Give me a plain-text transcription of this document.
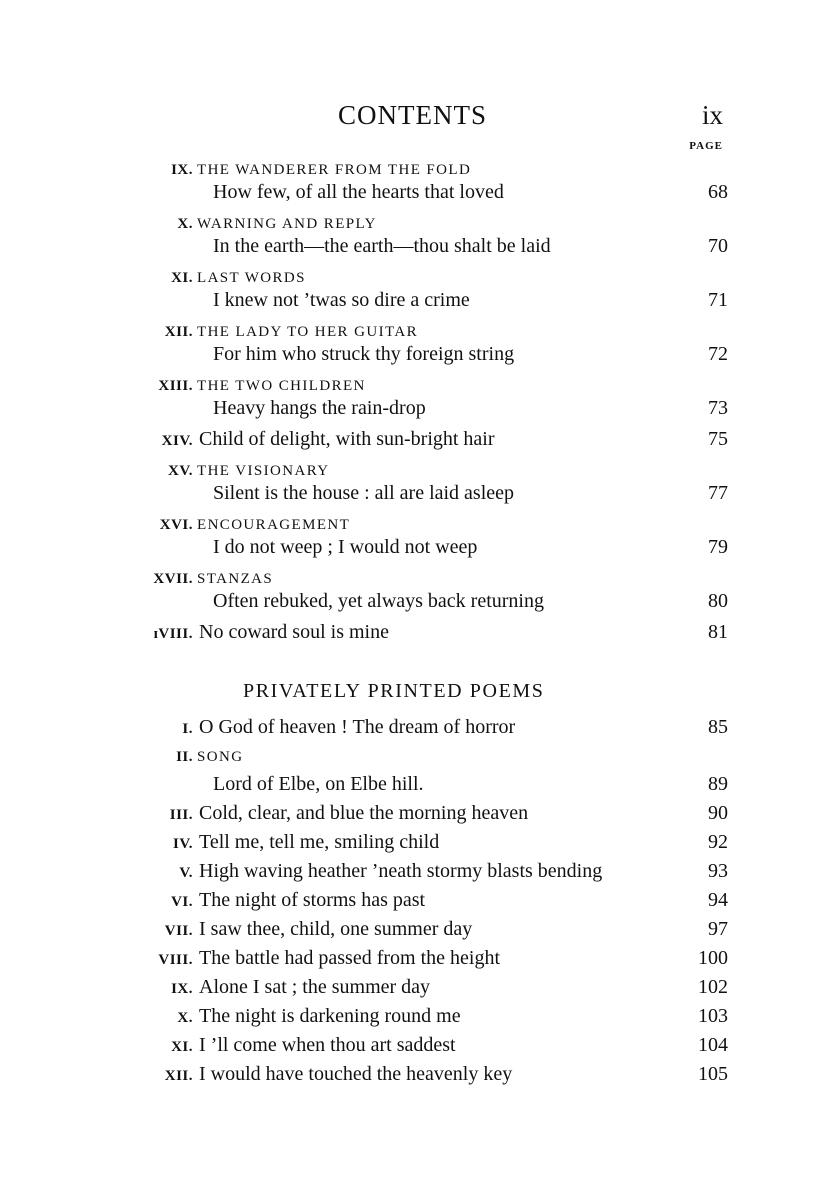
CONTENTS	ix
PAGE
PRIVATELY PRINTED POEMS
IX. THE WANDERER FROM THE FOLD
How few, of all the hearts that loved	68
X. WARNING AND REPLY
In the earth—the earth—thou shalt be laid	70
XI. LAST WORDS
I knew not ’twas so dire a crime	71
XII. THE LADY TO HER GUITAR
For him who struck thy foreign string	72
XIII. THE TWO CHILDREN
Heavy hangs the rain-drop	73
XIV. Child of delight, with sun-bright hair	75
XV. THE VISIONARY
Silent is the house : all are laid asleep	77
XVI. ENCOURAGEMENT
I do not weep ; I would not weep	79
XVII. STANZAS
Often rebuked, yet always back returning	80
ɪVIII. No coward soul is mine	81
I. O God of heaven ! The dream of horror	85
II. SONG
Lord of Elbe, on Elbe hill.	89
III. Cold, clear, and blue the morning heaven	90
IV. Tell me, tell me, smiling child	92
V. High waving heather ’neath stormy blasts bending	93
VI. The night of storms has past	94
VII. I saw thee, child, one summer day	97
VIII. The battle had passed from the height	100
IX. Alone I sat ; the summer day	102
X. The night is darkening round me	103
XI. I ’ll come when thou art saddest	104
XII. I would have touched the heavenly key	105
